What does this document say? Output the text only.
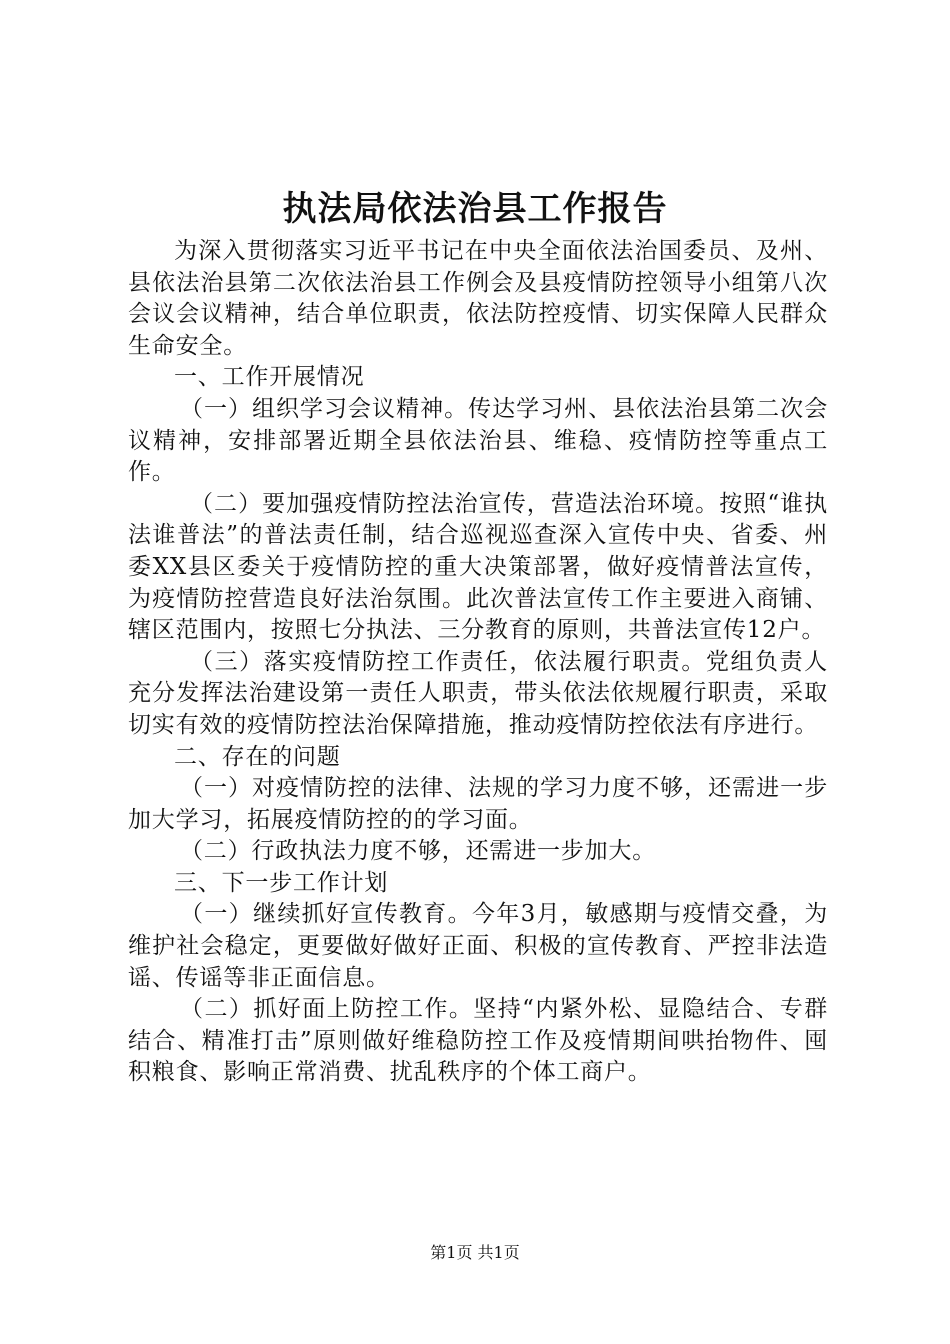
执法局依法治县工作报告

为深入贯彻落实习近平书记在中央全面依法治国委员、及州、县依法治县第二次依法治县工作例会及县疫情防控领导小组第八次会议会议精神，结合单位职责，依法防控疫情、切实保障人民群众生命安全。

一、工作开展情况

（一）组织学习会议精神。传达学习州、县依法治县第二次会议精神，安排部署近期全县依法治县、维稳、疫情防控等重点工作。

（二）要加强疫情防控法治宣传，营造法治环境。按照“谁执法谁普法”的普法责任制，结合巡视巡查深入宣传中央、省委、州委XX县区委关于疫情防控的重大决策部署，做好疫情普法宣传，为疫情防控营造良好法治氛围。此次普法宣传工作主要进入商铺、辖区范围内，按照七分执法、三分教育的原则，共普法宣传12户。

（三）落实疫情防控工作责任，依法履行职责。党组负责人充分发挥法治建设第一责任人职责，带头依法依规履行职责，采取切实有效的疫情防控法治保障措施，推动疫情防控依法有序进行。

二、存在的问题

（一）对疫情防控的法律、法规的学习力度不够，还需进一步加大学习，拓展疫情防控的的学习面。

（二）行政执法力度不够，还需进一步加大。

三、下一步工作计划

（一）继续抓好宣传教育。今年3月，敏感期与疫情交叠，为维护社会稳定，更要做好做好正面、积极的宣传教育、严控非法造谣、传谣等非正面信息。

（二）抓好面上防控工作。坚持“内紧外松、显隐结合、专群结合、精准打击”原则做好维稳防控工作及疫情期间哄抬物件、囤积粮食、影响正常消费、扰乱秩序的个体工商户。

第1页 共1页
